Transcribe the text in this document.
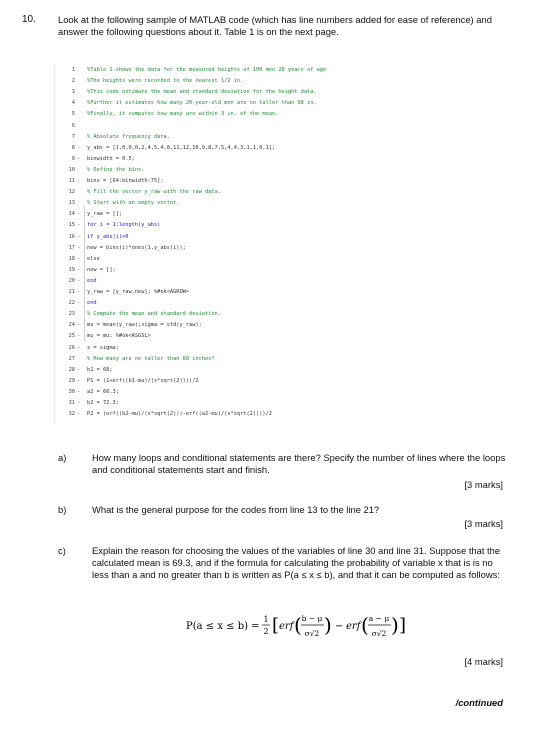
10. Look at the following sample of MATLAB code (which has line numbers added for ease of reference) and answer the following questions about it. Table 1 is on the next page.
1 %Table 1.shows the data for the measured heights of 100 men 20 years of age
2 %The heights were recorded to the nearest 1/2 in.
3 %This code estimate the mean and standard deviation for the height data.
4 %Further it estimates how many 20-year-old men are no taller than 68 in.
5 %Finally, it cumputes how many are within 3 in. of the mean.
6
7 % Absolute frequency data.
8 -	y_abs = [1,0,0,0,2,4,5,4,8,11,12,10,9,8,7,5,4,4,3,1,1,0,1];
9 -	binwidth = 0.5;
10 % Define the bins.
11 -	bins = [64:binwidth:75];
12 % Fill the vector y_raw with the raw data.
13 % Start with an empty vector.
14 -	y_raw = [];
15 -	for i = 1:length(y_abs)
16 -	if y_abs(i)>0
17 -	new = bins(i)*ones(1,y_abs(i));
18 -	else
19 -	new = [];
20 -	end
21 -	y_raw = [y_raw,new]; %#ok<AGROW>
22 -	end
23 % Compute the mean and standard deviation.
24 -	mu = mean(y_raw);sigma = std(y_raw);
25 -	mu = mu; %#ok<ASGSL>
26 -	s = sigma;
27 % How many are no taller than 68 inches?
28 -	b1 = 68;
29 -	P1 = (1+erf((b1-mu)/(s*sqrt(2))))/2
30 -	a2 = 66.3;
31 -	b2 = 72.3;
32 -	P2 = (erf((b2-mu)/(s*sqrt(2)))-erf((a2-mu)/(s*sqrt(2))))/2
a)	How many loops and conditional statements are there? Specify the number of lines where the loops and conditional statements start and finish.
[3 marks]
b)	What is the general purpose for the codes from line 13 to the line 21?
[3 marks]
c)	Explain the reason for choosing the values of the variables of line 30 and line 31. Suppose that the calculated mean is 69.3, and if the formula for calculating the probability of variable x that is is no less than a and no greater than b is written as P(a ≤ x ≤ b), and that it can be computed as follows:
P(a ≤ x ≤ b) =
1
2 [ erf ( b − μ
σ√2 ) − erf ( a − μ
σ√2 ) ]
[4 marks]
/continued
